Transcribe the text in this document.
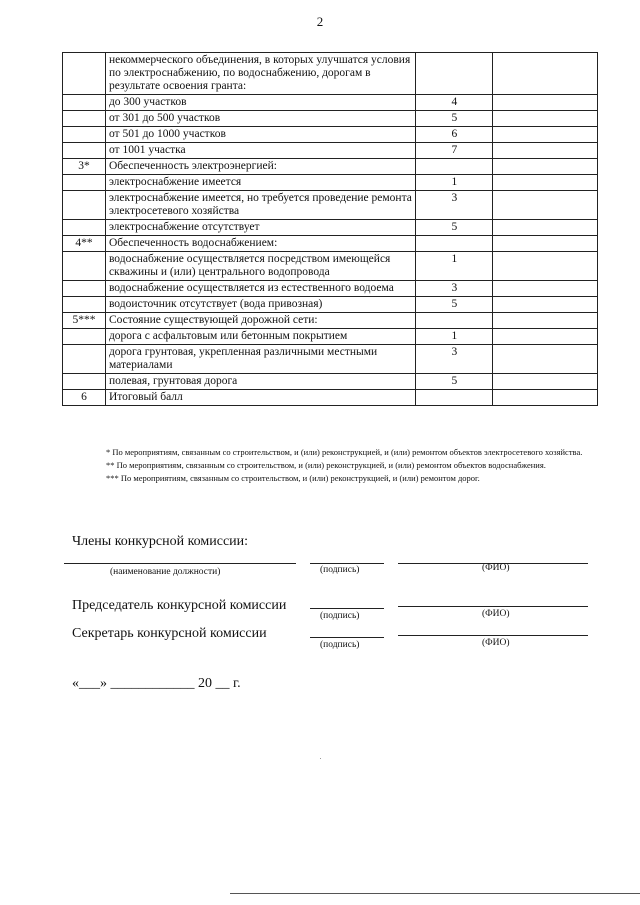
2
	некоммерческого объединения, в которых улучшатся условия по электроснабжению, по водоснабжению, дорогам в результате освоения гранта:		
	до 300 участков	4	
	от 301 до 500 участков	5	
	от 501 до 1000 участков	6	
	от 1001 участка	7	
3*	Обеспеченность электроэнергией:		
	электроснабжение имеется	1	
	электроснабжение имеется, но требуется проведение ремонта электросетевого хозяйства	3	
	электроснабжение отсутствует	5	
4**	Обеспеченность водоснабжением:		
	водоснабжение осуществляется посредством имеющейся скважины и (или) центрального водопровода	1	
	водоснабжение осуществляется из естественного водоема	3	
	водоисточник отсутствует (вода привозная)	5	
5***	Состояние существующей дорожной сети:		
	дорога с асфальтовым или бетонным покрытием	1	
	дорога грунтовая, укрепленная различными местными материалами	3	
	полевая, грунтовая дорога	5	
6	Итоговый балл		

* По мероприятиям, связанным со строительством, и (или) реконструкцией, и (или) ремонтом объектов электросетевого хозяйства.

** По мероприятиям, связанным со строительством, и (или) реконструкцией, и (или) ремонтом объектов водоснабжения.

*** По мероприятиям, связанным со строительством, и (или) реконструкцией, и (или) ремонтом дорог.

Члены конкурсной комиссии:
(наименование должности)	(подпись)	(ФИО)
Председатель конкурсной комиссии
(подпись)	(ФИО)
Секретарь конкурсной комиссии
(подпись)	(ФИО)
«___» ____________ 20 __ г.
